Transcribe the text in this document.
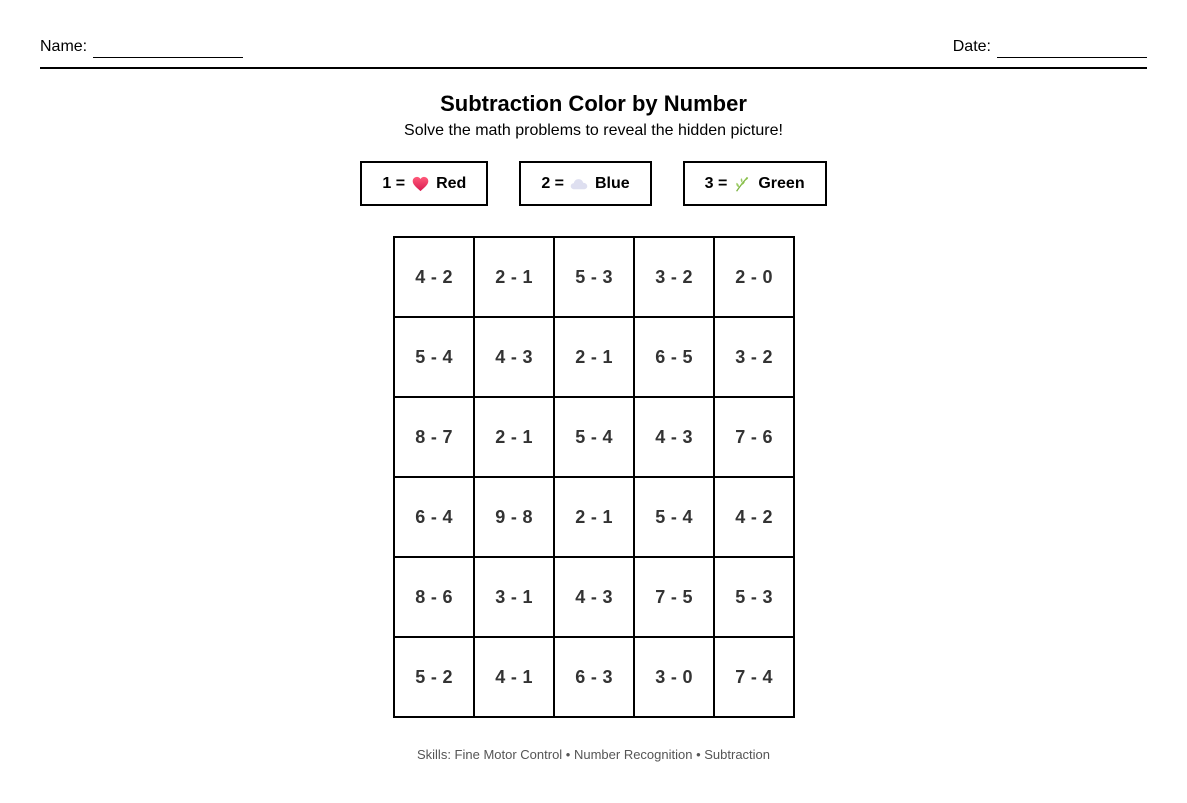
Name:	Date:
Subtraction Color by Number

Solve the math problems to reveal the hidden picture!

1 = Red	2 = Blue	3 = Green
4 - 2	2 - 1	5 - 3	3 - 2	2 - 0
5 - 4	4 - 3	2 - 1	6 - 5	3 - 2
8 - 7	2 - 1	5 - 4	4 - 3	7 - 6
6 - 4	9 - 8	2 - 1	5 - 4	4 - 2
8 - 6	3 - 1	4 - 3	7 - 5	5 - 3
5 - 2	4 - 1	6 - 3	3 - 0	7 - 4

Skills: Fine Motor Control • Number Recognition • Subtraction
